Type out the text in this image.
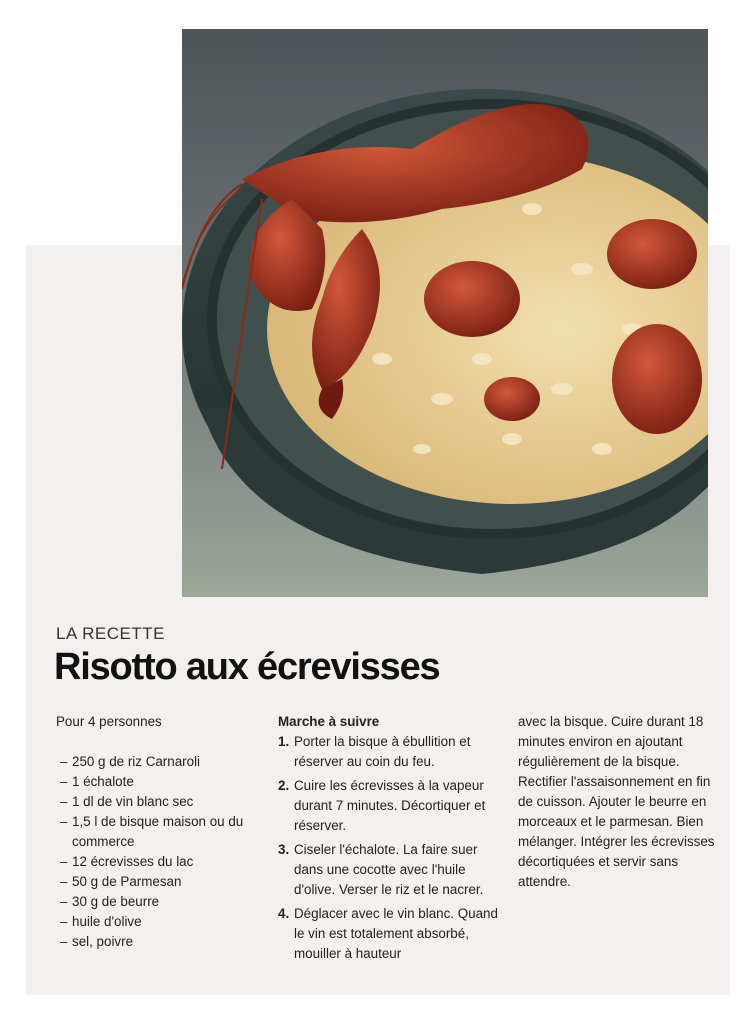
LA RECETTE
Risotto aux écrevisses
Pour 4 personnes
– 250 g de riz Carnaroli
– 1 échalote
– 1 dl de vin blanc sec
– 1,5 l de bisque maison ou du commerce
– 12 écrevisses du lac
– 50 g de Parmesan
– 30 g de beurre
– huile d'olive
– sel, poivre
Marche à suivre
1. Porter la bisque à ébullition et réserver au coin du feu.
2. Cuire les écrevisses à la vapeur durant 7 minutes. Décortiquer et réserver.
3. Ciseler l'échalote. La faire suer dans une cocotte avec l'huile d'olive. Verser le riz et le nacrer.
4. Déglacer avec le vin blanc. Quand le vin est totalement absorbé, mouiller à hauteur
avec la bisque. Cuire durant 18 minutes environ en ajoutant régulièrement de la bisque. Rectifier l'assaisonnement en fin de cuisson. Ajouter le beurre en morceaux et le parmesan. Bien mélanger. Intégrer les écrevisses décortiquées et servir sans attendre.
